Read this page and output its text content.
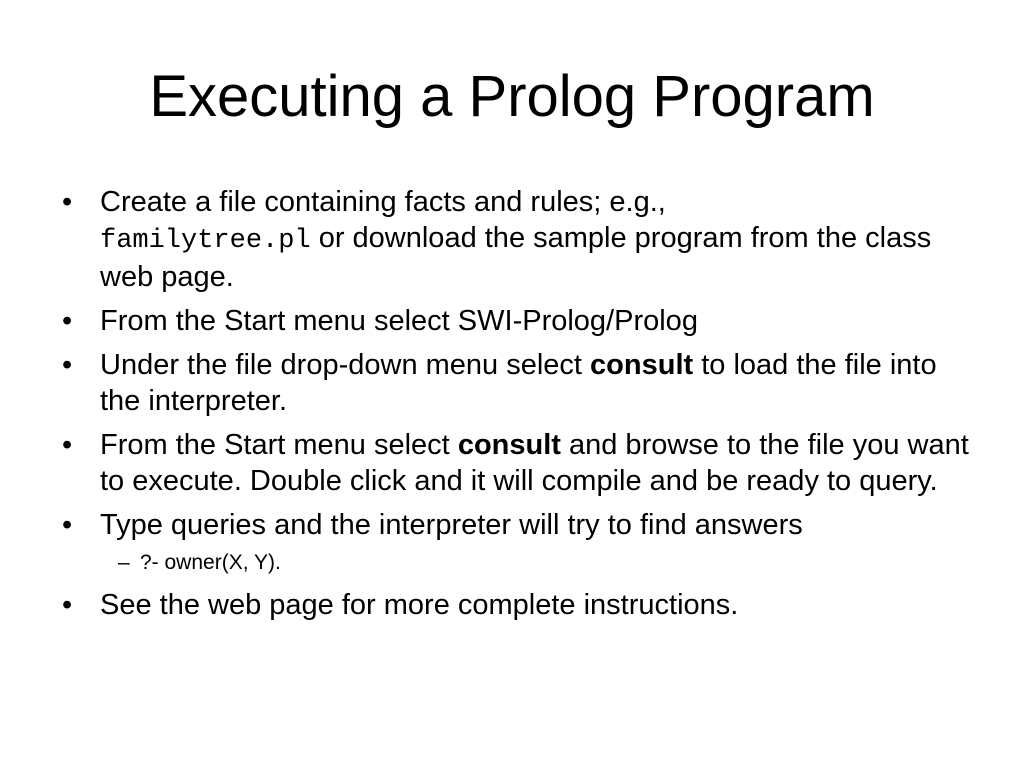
Executing a Prolog Program
• Create a file containing facts and rules; e.g.,
familytree.pl or download the sample program from the class web page.
• From the Start menu select SWI-Prolog/Prolog
• Under the file drop-down menu select consult to load the file into the interpreter.
• From the Start menu select consult and browse to the file you want to execute. Double click and it will compile and be ready to query.
• Type queries and the interpreter will try to find answers
– ?- owner(X, Y).
• See the web page for more complete instructions.
